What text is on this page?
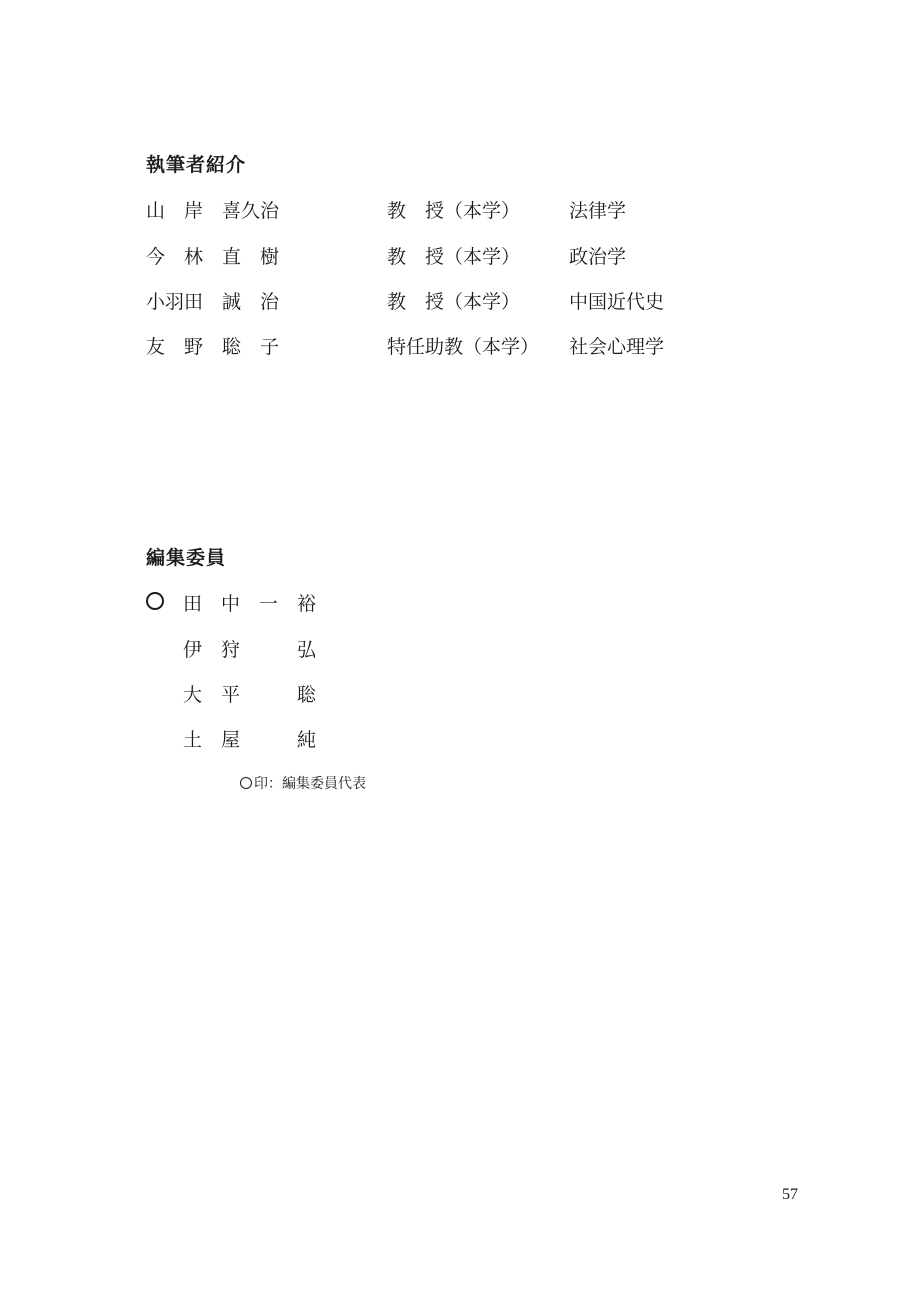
執筆者紹介
山　岸　喜久治	教　授（本学）	法律学
今　林　直　樹	教　授（本学）	政治学
小羽田　誠　治	教　授（本学）	中国近代史
友　野　聡　子	特任助教（本学） 社会心理学
編集委員
田　中　一　裕
伊　狩　　　弘
大　平　　　聡
土　屋　　　純
印：編集委員代表
57
